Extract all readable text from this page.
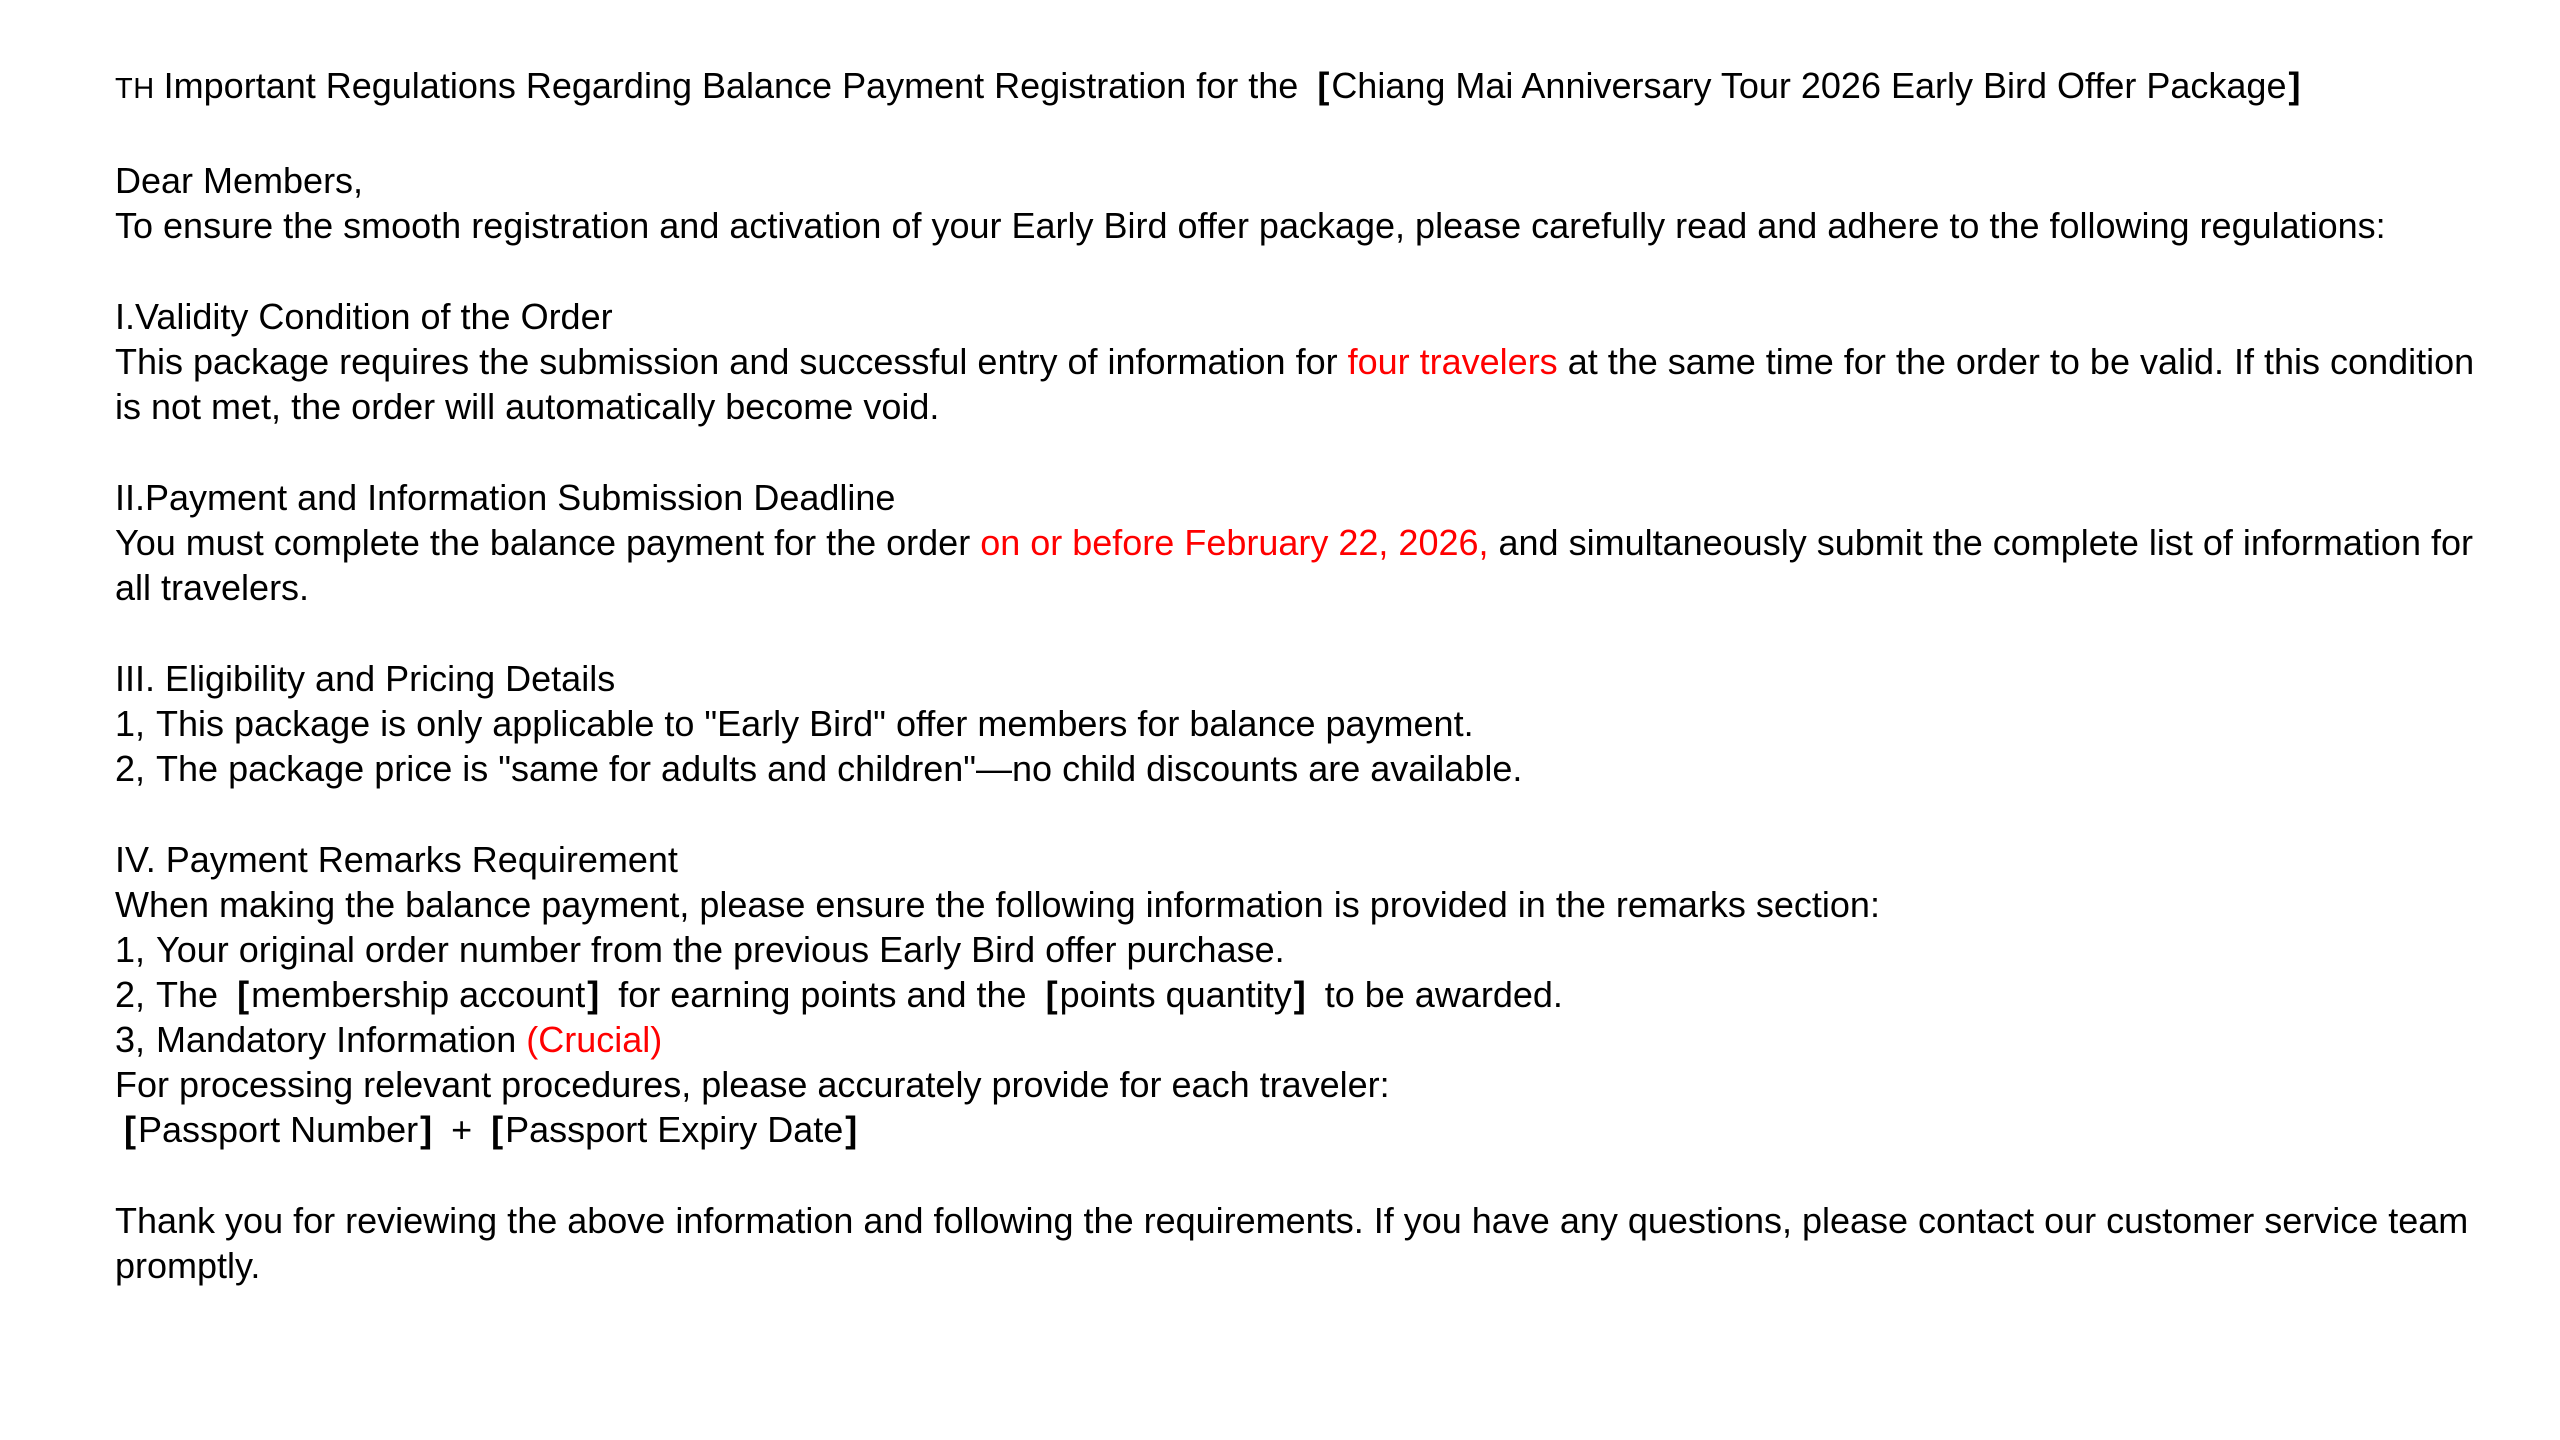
TH Important Regulations Regarding Balance Payment Registration for the [Chiang Mai Anniversary Tour 2026 Early Bird Offer Package]
Dear Members,
To ensure the smooth registration and activation of your Early Bird offer package, please carefully read and adhere to the following regulations:
I.Validity Condition of the Order
This package requires the submission and successful entry of information for four travelers at the same time for the order to be valid. If this condition is not met, the order will automatically become void.
II.Payment and Information Submission Deadline
You must complete the balance payment for the order on or before February 22, 2026, and simultaneously submit the complete list of information for all travelers.
III. Eligibility and Pricing Details
1, This package is only applicable to "Early Bird" offer members for balance payment.
2, The package price is "same for adults and children"—no child discounts are available.
IV. Payment Remarks Requirement
When making the balance payment, please ensure the following information is provided in the remarks section:
1, Your original order number from the previous Early Bird offer purchase.
2, The [membership account] for earning points and the [points quantity] to be awarded.
3, Mandatory Information (Crucial)
For processing relevant procedures, please accurately provide for each traveler:
[Passport Number] + [Passport Expiry Date]
Thank you for reviewing the above information and following the requirements. If you have any questions, please contact our customer service team promptly.
